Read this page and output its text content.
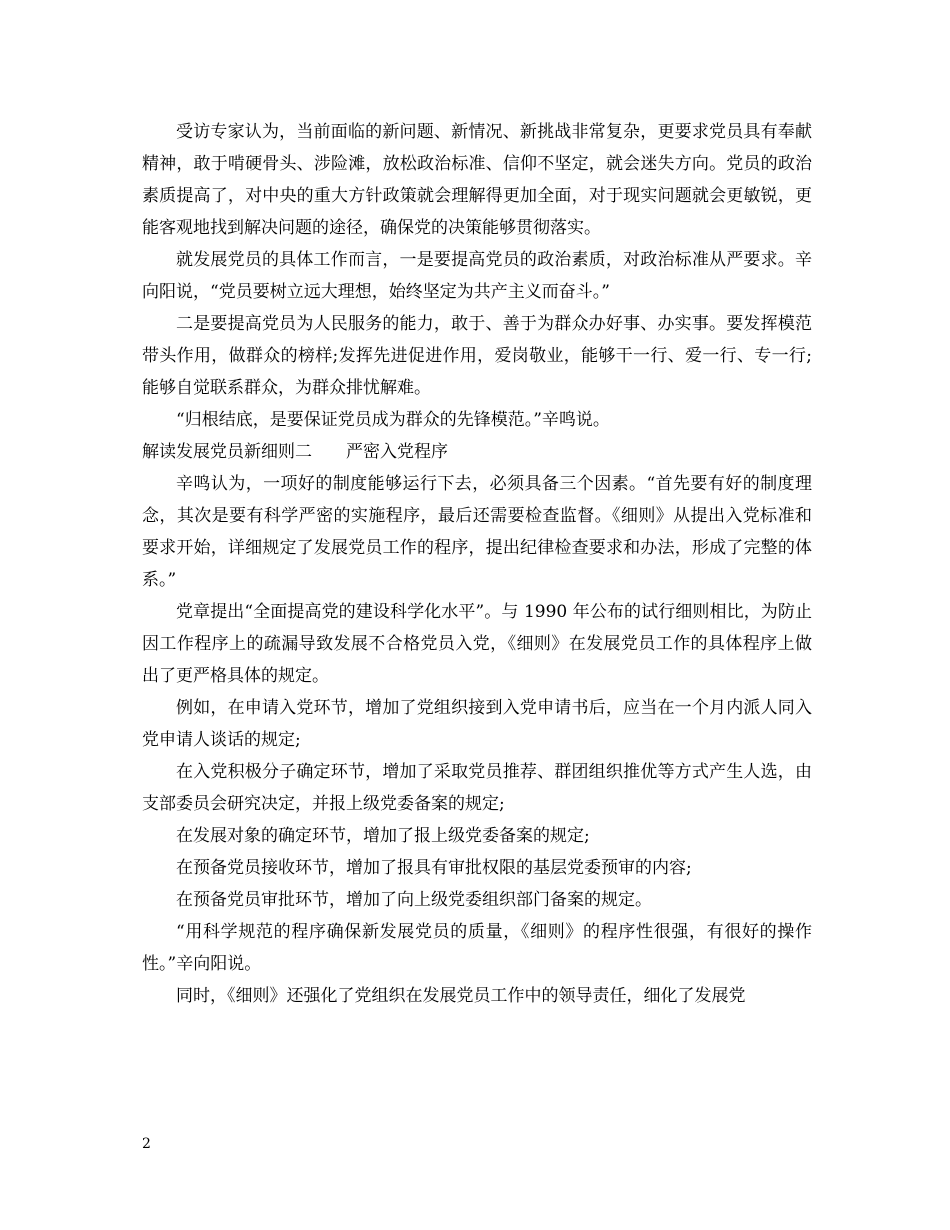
受访专家认为，当前面临的新问题、新情况、新挑战非常复杂，更要求党员具有奉献精神，敢于啃硬骨头、涉险滩，放松政治标准、信仰不坚定，就会迷失方向。党员的政治素质提高了，对中央的重大方针政策就会理解得更加全面，对于现实问题就会更敏锐，更能客观地找到解决问题的途径，确保党的决策能够贯彻落实。

就发展党员的具体工作而言，一是要提高党员的政治素质，对政治标准从严要求。辛向阳说，“党员要树立远大理想，始终坚定为共产主义而奋斗。”

二是要提高党员为人民服务的能力，敢于、善于为群众办好事、办实事。要发挥模范带头作用，做群众的榜样;发挥先进促进作用，爱岗敬业，能够干一行、爱一行、专一行;能够自觉联系群众，为群众排忧解难。

“归根结底，是要保证党员成为群众的先锋模范。”辛鸣说。

解读发展党员新细则二　　严密入党程序

辛鸣认为，一项好的制度能够运行下去，必须具备三个因素。“首先要有好的制度理念，其次是要有科学严密的实施程序，最后还需要检查监督。《细则》从提出入党标准和要求开始，详细规定了发展党员工作的程序，提出纪律检查要求和办法，形成了完整的体系。”

党章提出“全面提高党的建设科学化水平”。与 1990 年公布的试行细则相比，为防止因工作程序上的疏漏导致发展不合格党员入党，《细则》在发展党员工作的具体程序上做出了更严格具体的规定。

例如，在申请入党环节，增加了党组织接到入党申请书后，应当在一个月内派人同入党申请人谈话的规定;

在入党积极分子确定环节，增加了采取党员推荐、群团组织推优等方式产生人选，由支部委员会研究决定，并报上级党委备案的规定;

在发展对象的确定环节，增加了报上级党委备案的规定;

在预备党员接收环节，增加了报具有审批权限的基层党委预审的内容;

在预备党员审批环节，增加了向上级党委组织部门备案的规定。

“用科学规范的程序确保新发展党员的质量，《细则》的程序性很强，有很好的操作性。”辛向阳说。

同时，《细则》还强化了党组织在发展党员工作中的领导责任，细化了发展党

2
